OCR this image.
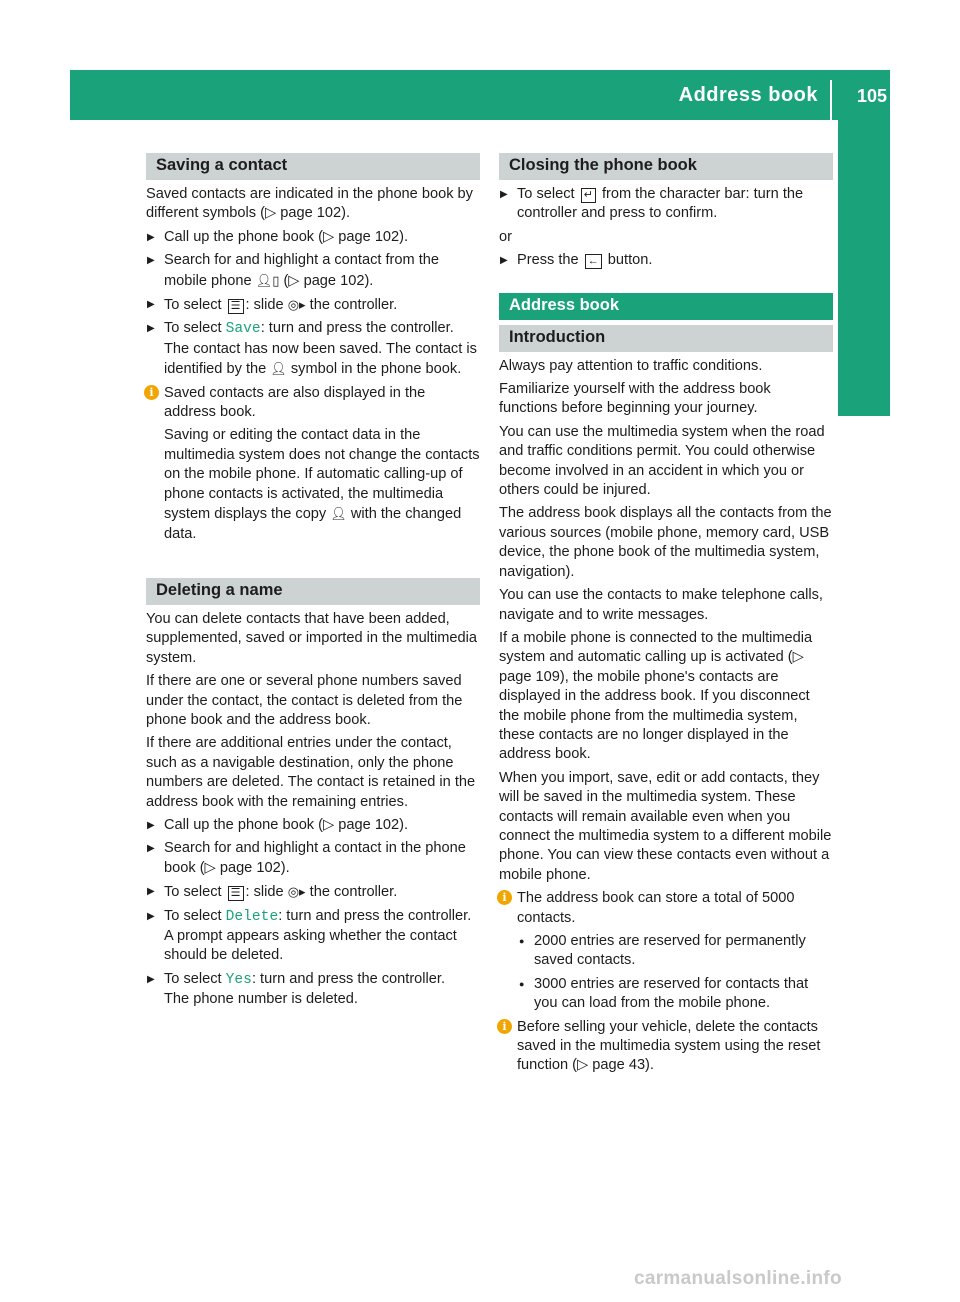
Address book 105
Telephone
Saving a contact

Saved contacts are indicated in the phone book by different symbols (▷ page 102).

▶ Call up the phone book (▷ page 102).
▶ Search for and highlight a contact from the mobile phone 👤︎▯ (▷ page 102).
▶ To select ☰ : slide ◎▸ the controller.
▶ To select Save: turn and press the controller. The contact has now been saved. The contact is identified by the 👤︎ symbol in the phone book.
i Saved contacts are also displayed in the address book.

Saving or editing the contact data in the multimedia system does not change the contacts on the mobile phone. If automatic calling-up of phone contacts is activated, the multimedia system displays the copy 👤︎ with the changed data.

Deleting a name

You can delete contacts that have been added, supplemented, saved or imported in the multimedia system.

If there are one or several phone numbers saved under the contact, the contact is deleted from the phone book and the address book.

If there are additional entries under the contact, such as a navigable destination, only the phone numbers are deleted. The contact is retained in the address book with the remaining entries.

▶ Call up the phone book (▷ page 102).
▶ Search for and highlight a contact in the phone book (▷ page 102).
▶ To select ☰ : slide ◎▸ the controller.
▶ To select Delete: turn and press the controller.
A prompt appears asking whether the contact should be deleted.
▶ To select Yes: turn and press the controller.
The phone number is deleted.
Closing the phone book
▶ To select ↵ from the character bar: turn the controller and press to confirm.

or

▶ Press the ← button.
Address book
Introduction

Always pay attention to traffic conditions.

Familiarize yourself with the address book functions before beginning your journey.

You can use the multimedia system when the road and traffic conditions permit. You could otherwise become involved in an accident in which you or others could be injured.

The address book displays all the contacts from the various sources (mobile phone, memory card, USB device, the phone book of the multimedia system, navigation).

You can use the contacts to make telephone calls, navigate and to write messages.

If a mobile phone is connected to the multimedia system and automatic calling up is activated (▷ page 109), the mobile phone's contacts are displayed in the address book. If you disconnect the mobile phone from the multimedia system, these contacts are no longer displayed in the address book.

When you import, save, edit or add contacts, they will be saved in the multimedia system. These contacts will remain available even when you connect the multimedia system to a different mobile phone. You can view these contacts even without a mobile phone.

i The address book can store a total of 5000 contacts.

● 2000 entries are reserved for permanently saved contacts.
● 3000 entries are reserved for contacts that you can load from the mobile phone.
i Before selling your vehicle, delete the contacts saved in the multimedia system using the reset function (▷ page 43).

carmanualsonline.info
